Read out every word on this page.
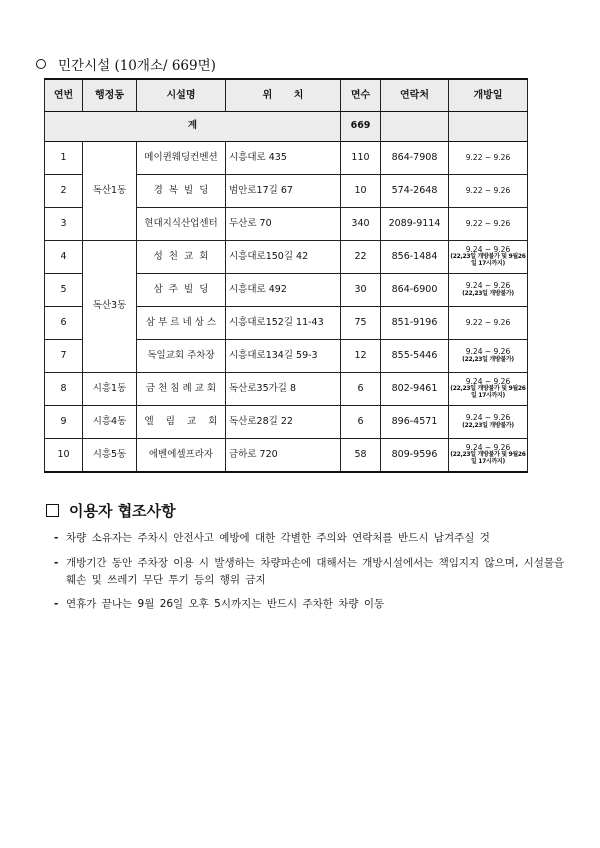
민간시설 (10개소/ 669면)
연번	행정동	시설명	위 치	면수	연락처	개방일
계				669		
1	독산1동	메이퀸웨딩컨벤션	시흥대로 435	110	864-7908	9.22 ~ 9.26
2		경  복  빌  딩	범안로17길 67	10	574-2648	9.22 ~ 9.26
3		현대지식산업센터	두산로 70	340	2089-9114	9.22 ~ 9.26
4	독산3동	성  천  교  회	시흥대로150길 42	22	856-1484	9.24 ~ 9.26
(22,23일 개방불가 및 9월26일 17시까지)

5		삼  주  빌  딩	시흥대로 492	30	864-6900	9.24 ~ 9.26
(22,23일 개방불가)

6		삼 부 르 네 상 스	시흥대로152길 11-43	75	851-9196	9.22 ~ 9.26
7		독일교회 주차장	시흥대로134길 59-3	12	855-5446	9.24 ~ 9.26
(22,23일 개방불가)

8	시흥1동	금 천 침 례 교 회	독산로35가길 8	6	802-9461	9.24 ~ 9.26
(22,23일 개방불가 및 9월26일 17시까지)

9	시흥4동	엘    림    교    회	독산로28길 22	6	896-4571	9.24 ~ 9.26
(22,23일 개방불가)

10	시흥5동	에벤에셀프라자	금하로 720	58	809-9596	9.24 ~ 9.26
(22,23일 개방불가 및 9월26일 17시까지)
이용자 협조사항
- 차량 소유자는 주차시 안전사고 예방에 대한 각별한 주의와 연락처를 반드시 남겨주실 것
- 개방기간 동안 주차장 이용 시 발생하는 차량파손에 대해서는 개방시설에서는 책임지지 않으며, 시설물을 훼손 및 쓰레기 무단 투기 등의 행위 금지
- 연휴가 끝나는 9월 26일 오후 5시까지는 반드시 주차한 차량 이동
